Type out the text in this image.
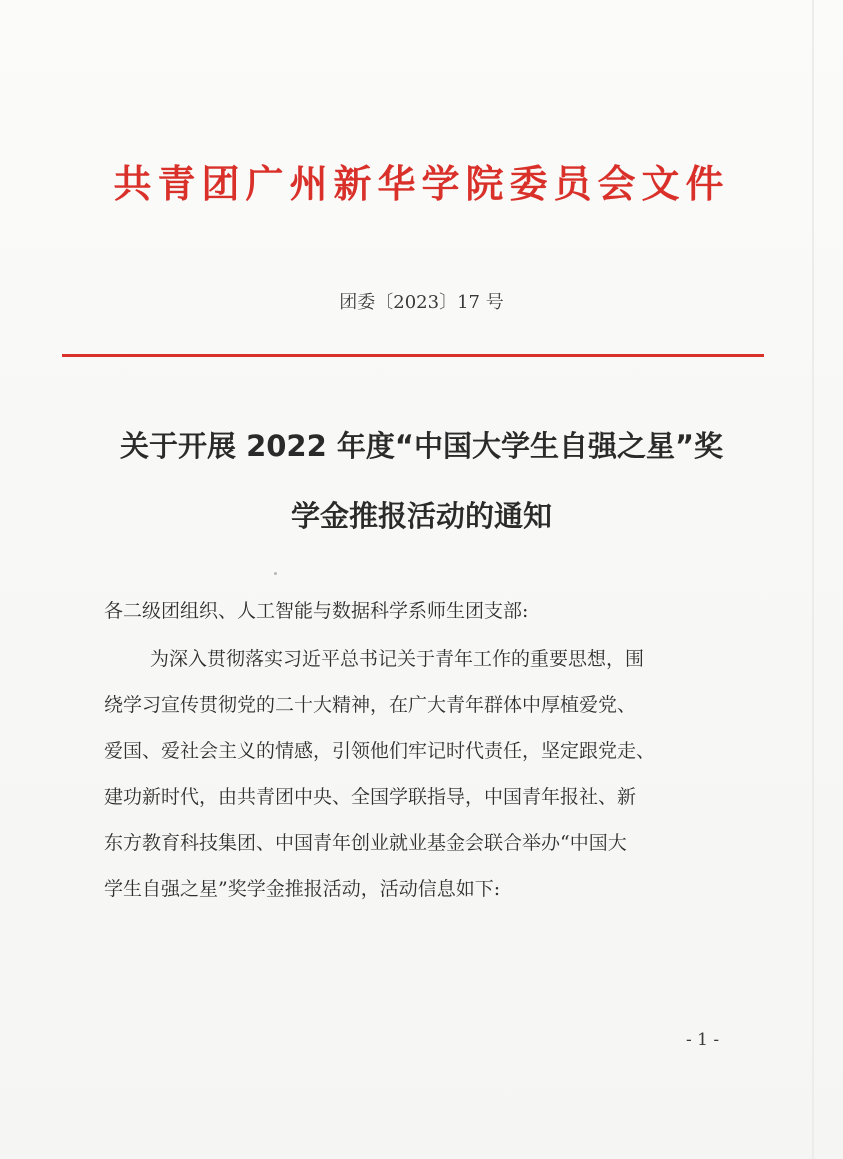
共青团广州新华学院委员会文件
团委〔2023〕17 号
关于开展 2022 年度“中国大学生自强之星”奖
学金推报活动的通知
各二级团组织、人工智能与数据科学系师生团支部:
为深入贯彻落实习近平总书记关于青年工作的重要思想，围
绕学习宣传贯彻党的二十大精神，在广大青年群体中厚植爱党、
爱国、爱社会主义的情感，引领他们牢记时代责任，坚定跟党走、
建功新时代，由共青团中央、全国学联指导，中国青年报社、新
东方教育科技集团、中国青年创业就业基金会联合举办“中国大
学生自强之星”奖学金推报活动，活动信息如下:
- 1 -
